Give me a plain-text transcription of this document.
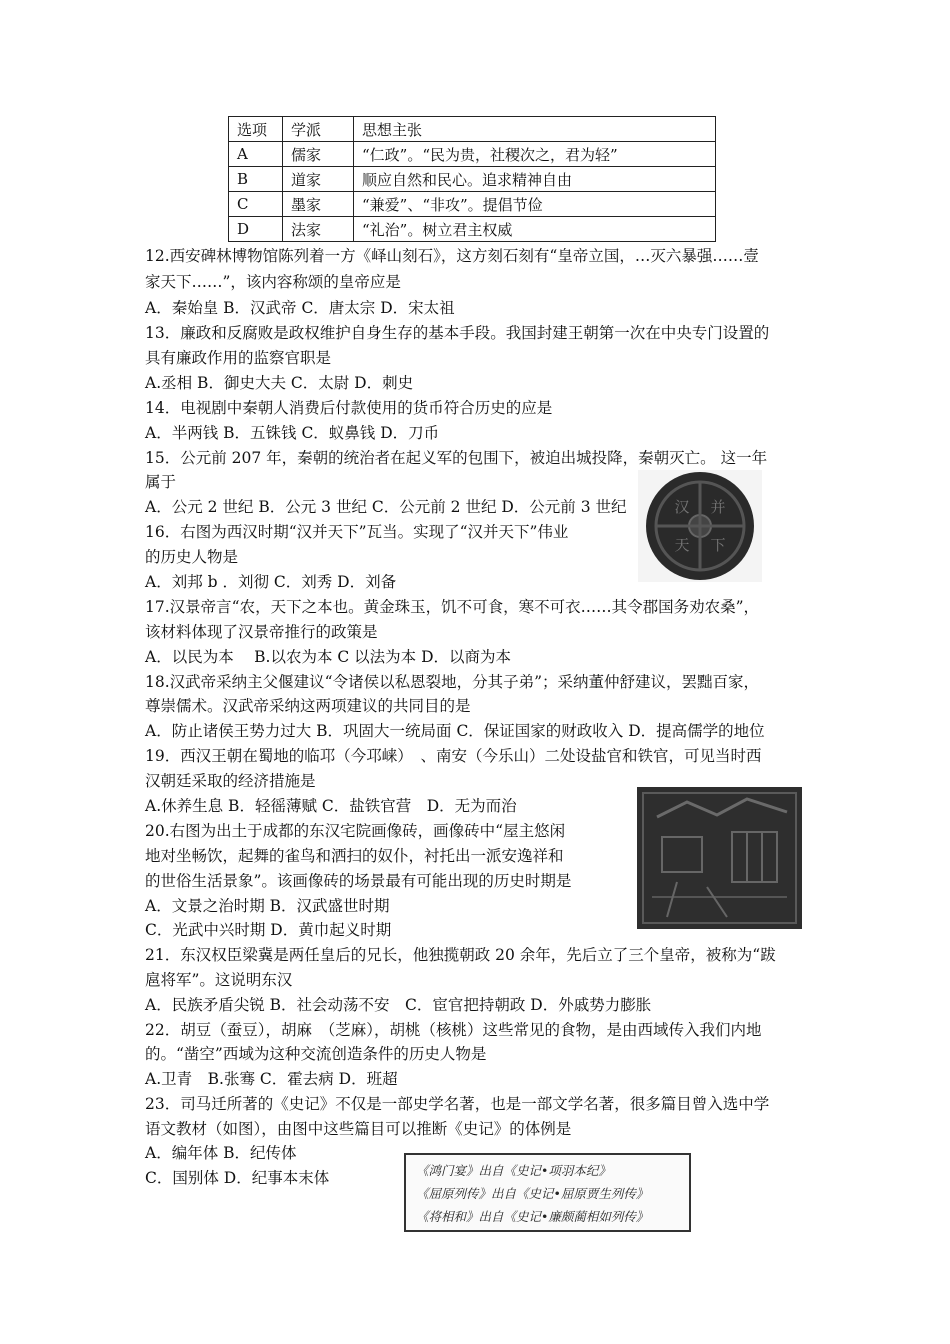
选项	学派	思想主张
A	儒家	“仁政”。“民为贵，社稷次之，君为轻”
B	道家	顺应自然和民心。追求精神自由
C	墨家	“兼爱”、“非攻”。提倡节俭
D	法家	“礼治”。树立君主权威
12.西安碑林博物馆陈列着一方《峄山刻石》，这方刻石刻有“皇帝立国，…灭六暴强……壹
家天下……”，该内容称颂的皇帝应是
A．秦始皇 B．汉武帝 C．唐太宗 D．宋太祖
13．廉政和反腐败是政权维护自身生存的基本手段。我国封建王朝第一次在中央专门设置的
具有廉政作用的监察官职是
A.丞相 B．御史大夫 C．太尉 D．刺史
14．电视剧中秦朝人消费后付款使用的货币符合历史的应是
A．半两钱 B．五铢钱 C．蚁鼻钱 D．刀币
15．公元前 207 年，秦朝的统治者在起义军的包围下，被迫出城投降，秦朝灭亡。 这一年
属于
A．公元 2 世纪 B．公元 3 世纪 C．公元前 2 世纪 D．公元前 3 世纪
16．右图为西汉时期“汉并天下”瓦当。实现了“汉并天下”伟业
的历史人物是
A．刘邦 b ．刘彻 C．刘秀 D．刘备
17.汉景帝言“农，天下之本也。黄金珠玉，饥不可食，寒不可衣……其令郡国务劝农桑”，
该材料体现了汉景帝推行的政策是
A．以民为本　 B.以农为本 C 以法为本 D．以商为本
18.汉武帝采纳主父偃建议“令诸侯以私恩裂地，分其子弟”；采纳董仲舒建议，罢黜百家，
尊崇儒术。汉武帝采纳这两项建议的共同目的是
A．防止诸侯王势力过大 B．巩固大一统局面 C．保证国家的财政收入 D．提高儒学的地位
19．西汉王朝在蜀地的临邛（今邛崃）　、南安（今乐山）二处设盐官和铁官，可见当时西
汉朝廷采取的经济措施是
A.休养生息 B．轻徭薄赋 C．盐铁官营　D．无为而治
20.右图为出土于成都的东汉宅院画像砖，画像砖中“屋主悠闲
地对坐畅饮，起舞的雀鸟和洒扫的奴仆，衬托出一派安逸祥和
的世俗生活景象”。该画像砖的场景最有可能出现的历史时期是
A．文景之治时期 B．汉武盛世时期
C．光武中兴时期 D．黄巾起义时期
21．东汉权臣梁冀是两任皇后的兄长，他独揽朝政 20 余年，先后立了三个皇帝，被称为“跋
扈将军”。这说明东汉
A．民族矛盾尖锐 B．社会动荡不安　C．宦官把持朝政 D．外戚势力膨胀
22．胡豆（蚕豆），胡麻　（芝麻），胡桃（核桃）这些常见的食物，是由西域传入我们内地
的。“凿空”西域为这种交流创造条件的历史人物是
A.卫青　B.张骞 C．霍去病 D．班超
23．司马迁所著的《史记》不仅是一部史学名著，也是一部文学名著，很多篇目曾入选中学
语文教材（如图），由图中这些篇目可以推断《史记》的体例是
A．编年体 B．纪传体
C．国别体 D．纪事本末体
汉 并
天 下
《鸿门宴》出自《史记•项羽本纪》
《屈原列传》出自《史记•屈原贾生列传》
《将相和》出自《史记•廉颇蔺相如列传》
